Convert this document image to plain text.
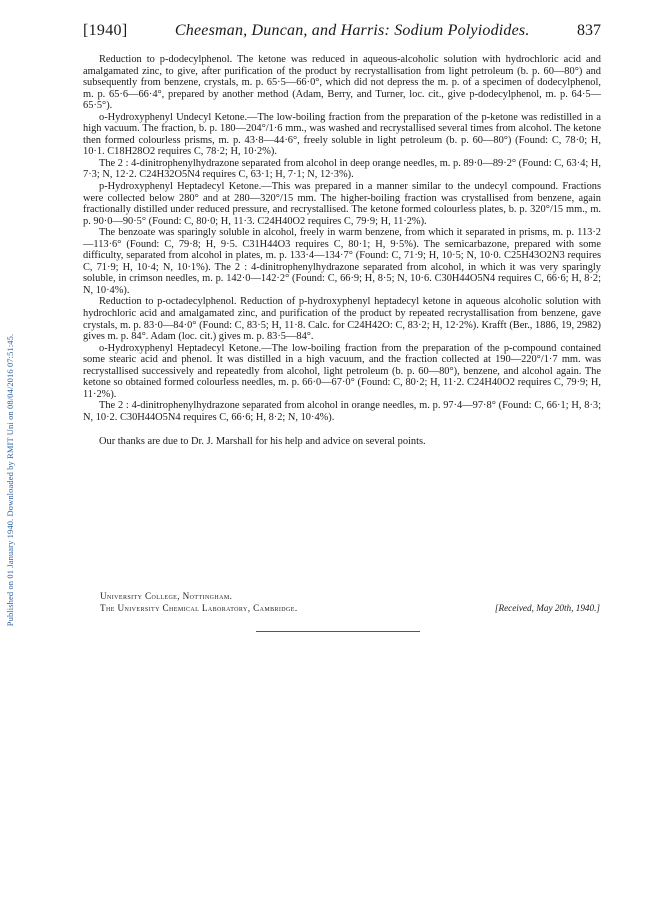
Published on 01 January 1940. Downloaded by RMIT Uni on 08/04/2016 07:51:45.
[1940]	Cheesman, Duncan, and Harris: Sodium Polyiodides.	837

Reduction to p-dodecylphenol. The ketone was reduced in aqueous-alcoholic solution with hydrochloric acid and amalgamated zinc, to give, after purification of the product by recrystallisation from light petroleum (b. p. 60—80°) and subsequently from benzene, crystals, m. p. 65·5—66·0°, which did not depress the m. p. of a specimen of dodecylphenol, m. p. 65·6—66·4°, prepared by another method (Adam, Berry, and Turner, loc. cit., give p-dodecylphenol, m. p. 64·5—65·5°).

o-Hydroxyphenyl Undecyl Ketone.—The low-boiling fraction from the preparation of the p-ketone was redistilled in a high vacuum. The fraction, b. p. 180—204°/1·6 mm., was washed and recrystallised several times from alcohol. The ketone then formed colourless prisms, m. p. 43·8—44·6°, freely soluble in light petroleum (b. p. 60—80°) (Found: C, 78·0; H, 10·1. C18H28O2 requires C, 78·2; H, 10·2%).

The 2 : 4-dinitrophenylhydrazone separated from alcohol in deep orange needles, m. p. 89·0—89·2° (Found: C, 63·4; H, 7·3; N, 12·2. C24H32O5N4 requires C, 63·1; H, 7·1; N, 12·3%).

p-Hydroxyphenyl Heptadecyl Ketone.—This was prepared in a manner similar to the undecyl compound. Fractions were collected below 280° and at 280—320°/15 mm. The higher-boiling fraction was crystallised from benzene, again fractionally distilled under reduced pressure, and recrystallised. The ketone formed colourless plates, b. p. 320°/15 mm., m. p. 90·0—90·5° (Found: C, 80·0; H, 11·3. C24H40O2 requires C, 79·9; H, 11·2%).

The benzoate was sparingly soluble in alcohol, freely in warm benzene, from which it separated in prisms, m. p. 113·2—113·6° (Found: C, 79·8; H, 9·5. C31H44O3 requires C, 80·1; H, 9·5%). The semicarbazone, prepared with some difficulty, separated from alcohol in plates, m. p. 133·4—134·7° (Found: C, 71·9; H, 10·5; N, 10·0. C25H43O2N3 requires C, 71·9; H, 10·4; N, 10·1%). The 2 : 4-dinitrophenylhydrazone separated from alcohol, in which it was very sparingly soluble, in crimson needles, m. p. 142·0—142·2° (Found: C, 66·9; H, 8·5; N, 10·6. C30H44O5N4 requires C, 66·6; H, 8·2; N, 10·4%).

Reduction to p-octadecylphenol. Reduction of p-hydroxyphenyl heptadecyl ketone in aqueous alcoholic solution with hydrochloric acid and amalgamated zinc, and purification of the product by repeated recrystallisation from benzene, gave crystals, m. p. 83·0—84·0° (Found: C, 83·5; H, 11·8. Calc. for C24H42O: C, 83·2; H, 12·2%). Krafft (Ber., 1886, 19, 2982) gives m. p. 84°. Adam (loc. cit.) gives m. p. 83·5—84°.

o-Hydroxyphenyl Heptadecyl Ketone.—The low-boiling fraction from the preparation of the p-compound contained some stearic acid and phenol. It was distilled in a high vacuum, and the fraction collected at 190—220°/1·7 mm. was recrystallised successively and repeatedly from alcohol, light petroleum (b. p. 60—80°), benzene, and alcohol again. The ketone so obtained formed colourless needles, m. p. 66·0—67·0° (Found: C, 80·2; H, 11·2. C24H40O2 requires C, 79·9; H, 11·2%).

The 2 : 4-dinitrophenylhydrazone separated from alcohol in orange needles, m. p. 97·4—97·8° (Found: C, 66·1; H, 8·3; N, 10·2. C30H44O5N4 requires C, 66·6; H, 8·2; N, 10·4%).

Our thanks are due to Dr. J. Marshall for his help and advice on several points.

University College, Nottingham.
The University Chemical Laboratory, Cambridge.	[Received, May 20th, 1940.]
